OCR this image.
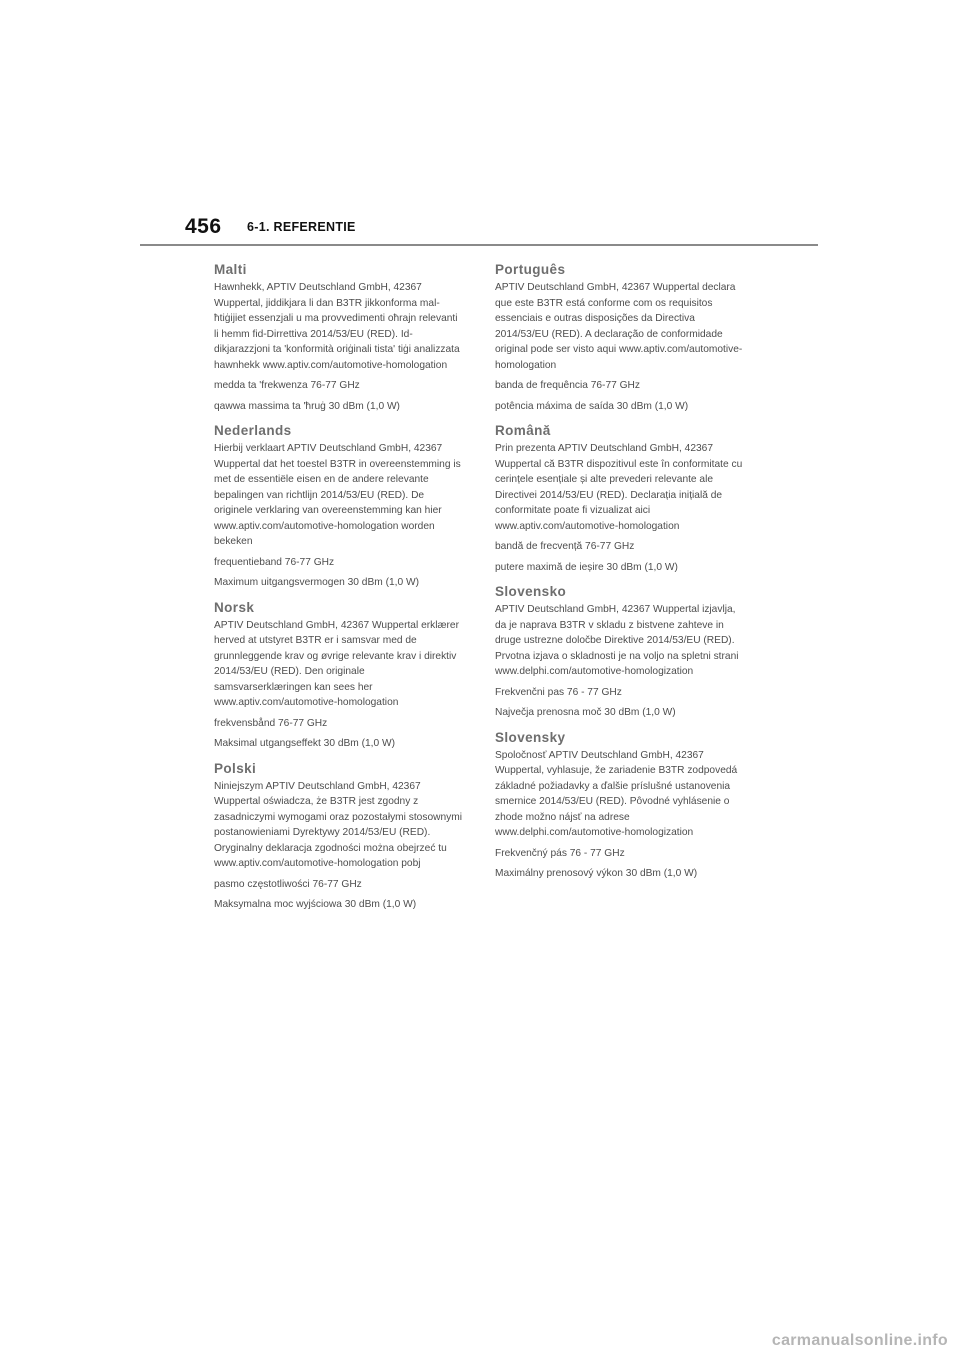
456 6-1. REFERENTIE
Malti
Hawnhekk, APTIV Deutschland GmbH, 42367 Wuppertal, jiddikjara li dan B3TR jikkonforma mal-ħtiġijiet essenzjali u ma provvedimenti oħrajn relevanti li hemm fid-Dirrettiva 2014/53/EU (RED). Id-dikjarazzjoni ta 'konformità oriġinali tista' tiġi analizzata hawnhekk www.aptiv.com/automotive-homologation
medda ta 'frekwenza 76-77 GHz
qawwa massima ta 'ħruġ 30 dBm (1,0 W)
Nederlands
Hierbij verklaart APTIV Deutschland GmbH, 42367 Wuppertal dat het toestel B3TR in overeenstemming is met de essentiële eisen en de andere relevante bepalingen van richtlijn 2014/53/EU (RED). De originele verklaring van overeenstemming kan hier www.aptiv.com/automotive-homologation worden bekeken
frequentieband 76-77 GHz
Maximum uitgangsvermogen 30 dBm (1,0 W)
Norsk
APTIV Deutschland GmbH, 42367 Wuppertal erklærer herved at utstyret B3TR er i samsvar med de grunnleggende krav og øvrige relevante krav i direktiv 2014/53/EU (RED). Den originale samsvarserklæringen kan sees her www.aptiv.com/automotive-homologation
frekvensbånd 76-77 GHz
Maksimal utgangseffekt 30 dBm (1,0 W)
Polski
Niniejszym APTIV Deutschland GmbH, 42367 Wuppertal oświadcza, że B3TR jest zgodny z zasadniczymi wymogami oraz pozostałymi stosownymi postanowieniami Dyrektywy 2014/53/EU (RED). Oryginalny deklaracja zgodności można obejrzeć tu www.aptiv.com/automotive-homologation pobj
pasmo częstotliwości 76-77 GHz
Maksymalna moc wyjściowa 30 dBm (1,0 W)
Português
APTIV Deutschland GmbH, 42367 Wuppertal declara que este B3TR está conforme com os requisitos essenciais e outras disposições da Directiva 2014/53/EU (RED). A declaração de conformidade original pode ser visto aqui www.aptiv.com/automotive-homologation
banda de frequência 76-77 GHz
potência máxima de saída 30 dBm (1,0 W)
Română
Prin prezenta APTIV Deutschland GmbH, 42367 Wuppertal că B3TR dispozitivul este în conformitate cu cerințele esențiale și alte prevederi relevante ale Directivei 2014/53/EU (RED). Declarația inițială de conformitate poate fi vizualizat aici www.aptiv.com/automotive-homologation
bandă de frecvență 76-77 GHz
putere maximă de ieșire 30 dBm (1,0 W)
Slovensko
APTIV Deutschland GmbH, 42367 Wuppertal izjavlja, da je naprava B3TR v skladu z bistvene zahteve in druge ustrezne določbe Direktive 2014/53/EU (RED). Prvotna izjava o skladnosti je na voljo na spletni strani www.delphi.com/automotive-homologization
Frekvenčni pas 76 - 77 GHz
Največja prenosna moč 30 dBm (1,0 W)
Slovensky
Spoločnosť APTIV Deutschland GmbH, 42367 Wuppertal, vyhlasuje, že zariadenie B3TR zodpovedá základné požiadavky a ďalšie príslušné ustanovenia smernice 2014/53/EU (RED). Pôvodné vyhlásenie o zhode možno nájsť na adrese www.delphi.com/automotive-homologization
Frekvenčný pás 76 - 77 GHz
Maximálny prenosový výkon 30 dBm (1,0 W)
carmanualsonline.info
